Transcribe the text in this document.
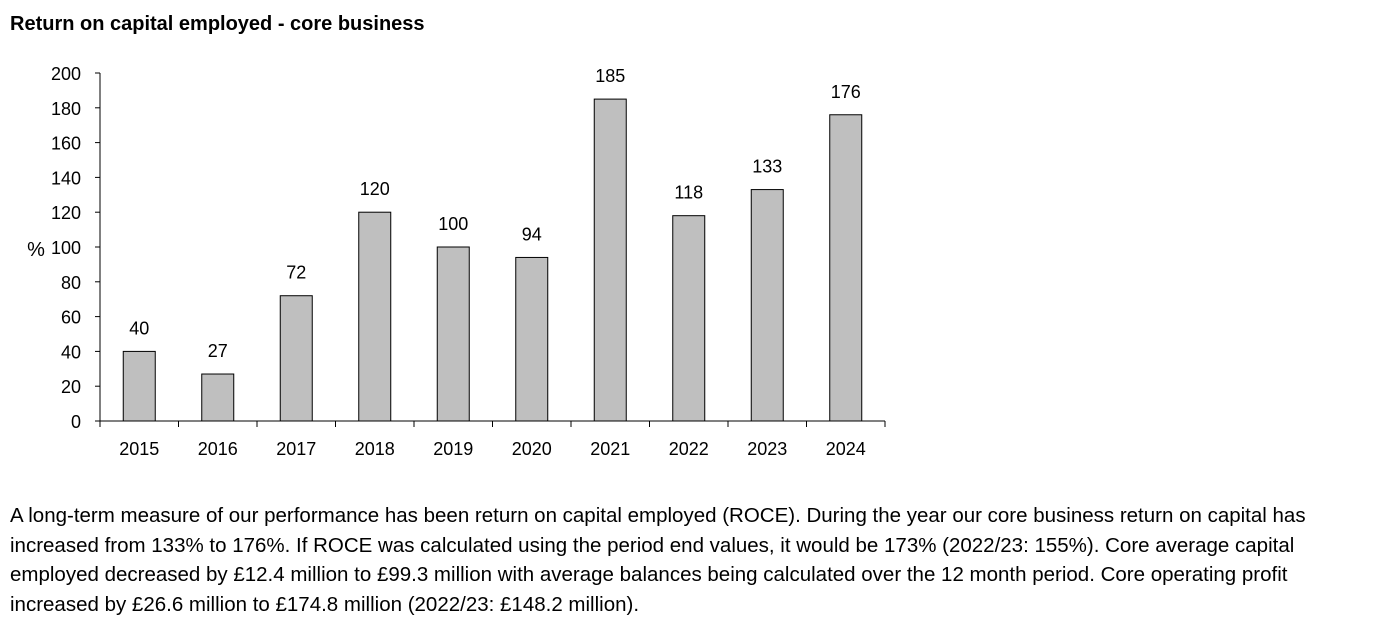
Return on capital employed - core business
0
20
40
60
80
100
120
140
160
180
200
2015 2016 2017 2018 2019 2020 2021 2022 2023 2024
40
27
72
120
100
94
185
118
133
176
%
A long-term measure of our performance has been return on capital employed (ROCE). During the year our core business return on capital has increased from 133% to 176%. If ROCE was calculated using the period end values, it would be 173% (2022/23: 155%). Core average capital employed decreased by £12.4 million to £99.3 million with average balances being calculated over the 12 month period. Core operating profit increased by £26.6 million to £174.8 million (2022/23: £148.2 million).
